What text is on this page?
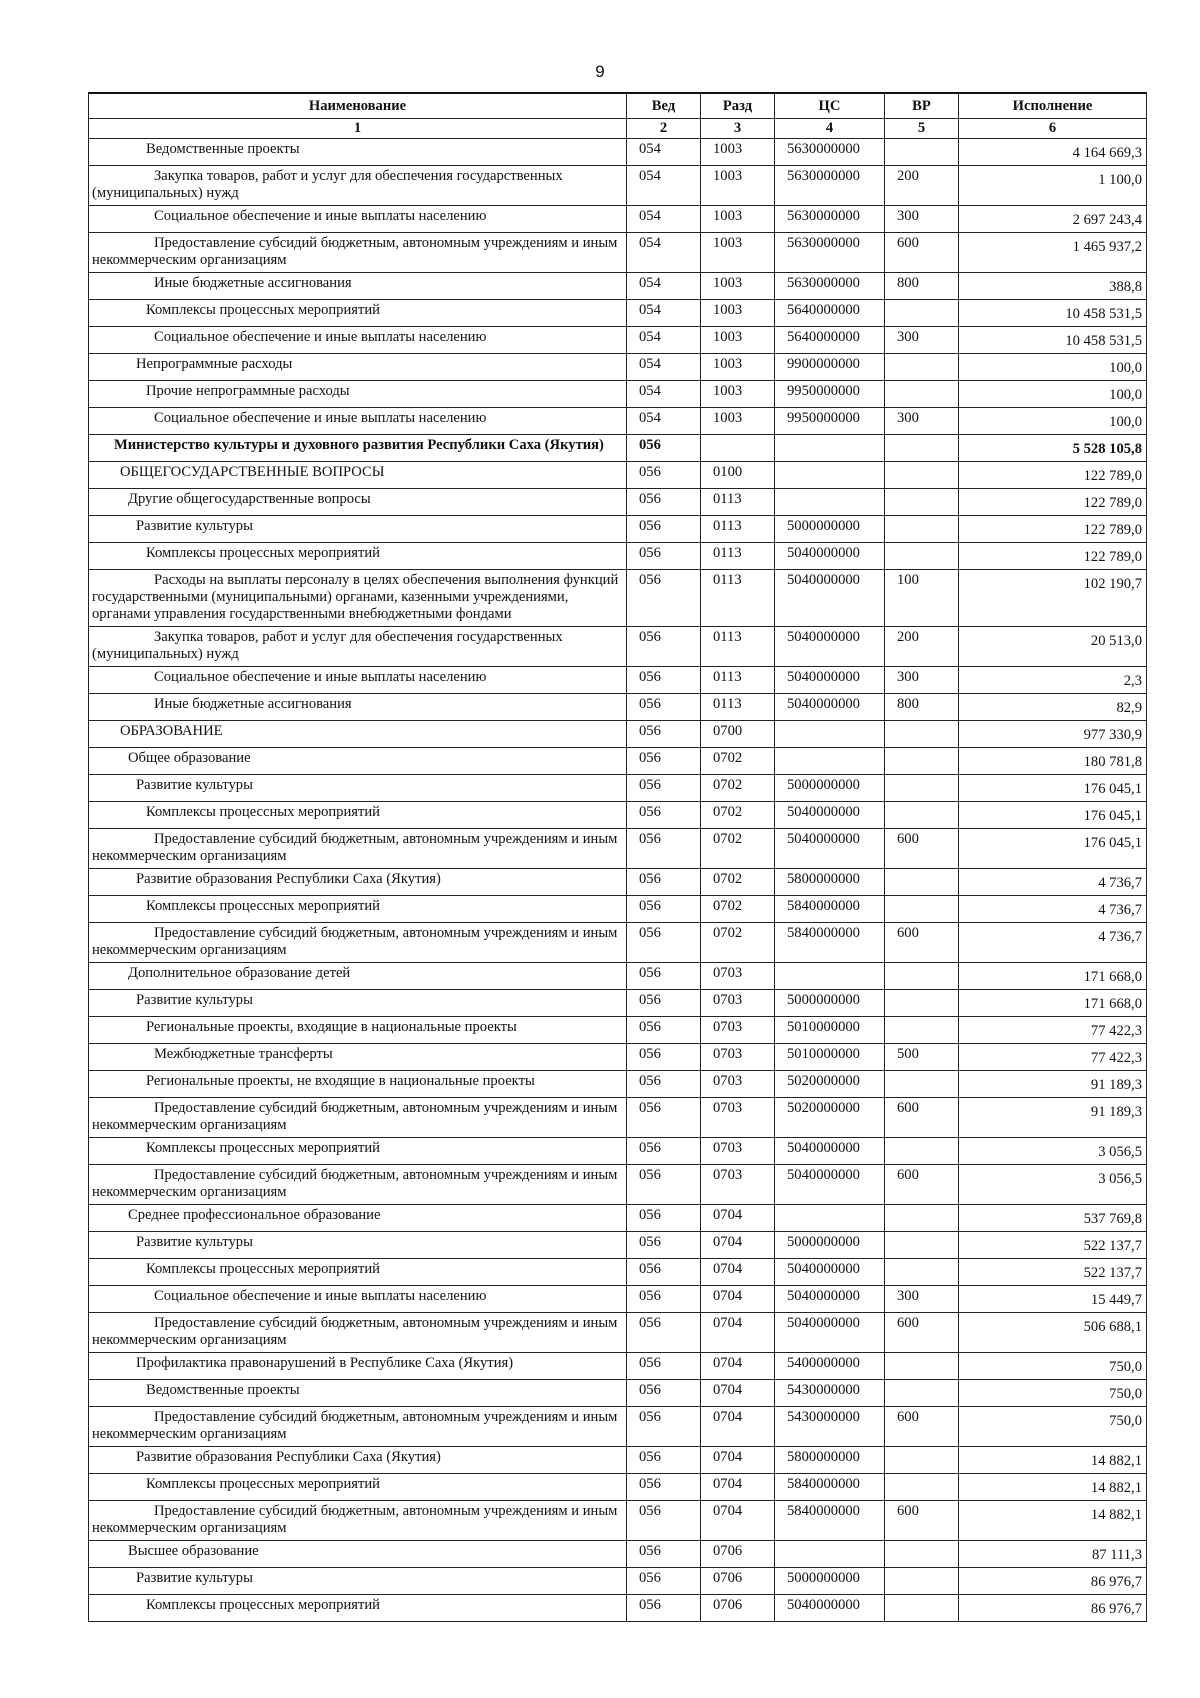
9
Наименование	Вед	Разд	ЦС	ВР	Исполнение
1	2	3	4	5	6
Ведомственные проекты	054	1003	5630000000		4 164 669,3
Закупка товаров, работ и услуг для обеспечения государственных (муниципальных) нужд	054	1003	5630000000	200	1 100,0
Социальное обеспечение и иные выплаты населению	054	1003	5630000000	300	2 697 243,4
Предоставление субсидий бюджетным, автономным учреждениям и иным некоммерческим организациям	054	1003	5630000000	600	1 465 937,2
Иные бюджетные ассигнования	054	1003	5630000000	800	388,8
Комплексы процессных мероприятий	054	1003	5640000000		10 458 531,5
Социальное обеспечение и иные выплаты населению	054	1003	5640000000	300	10 458 531,5
Непрограммные расходы	054	1003	9900000000		100,0
Прочие непрограммные расходы	054	1003	9950000000		100,0
Социальное обеспечение и иные выплаты населению	054	1003	9950000000	300	100,0
Министерство культуры и духовного развития Республики Саха (Якутия)	056				5 528 105,8
ОБЩЕГОСУДАРСТВЕННЫЕ ВОПРОСЫ	056	0100			122 789,0
Другие общегосударственные вопросы	056	0113			122 789,0
Развитие культуры	056	0113	5000000000		122 789,0
Комплексы процессных мероприятий	056	0113	5040000000		122 789,0
Расходы на выплаты персоналу в целях обеспечения выполнения функций государственными (муниципальными) органами, казенными учреждениями, органами управления государственными внебюджетными фондами	056	0113	5040000000	100	102 190,7
Закупка товаров, работ и услуг для обеспечения государственных (муниципальных) нужд	056	0113	5040000000	200	20 513,0
Социальное обеспечение и иные выплаты населению	056	0113	5040000000	300	2,3
Иные бюджетные ассигнования	056	0113	5040000000	800	82,9
ОБРАЗОВАНИЕ	056	0700			977 330,9
Общее образование	056	0702			180 781,8
Развитие культуры	056	0702	5000000000		176 045,1
Комплексы процессных мероприятий	056	0702	5040000000		176 045,1
Предоставление субсидий бюджетным, автономным учреждениям и иным некоммерческим организациям	056	0702	5040000000	600	176 045,1
Развитие образования Республики Саха (Якутия)	056	0702	5800000000		4 736,7
Комплексы процессных мероприятий	056	0702	5840000000		4 736,7
Предоставление субсидий бюджетным, автономным учреждениям и иным некоммерческим организациям	056	0702	5840000000	600	4 736,7
Дополнительное образование детей	056	0703			171 668,0
Развитие культуры	056	0703	5000000000		171 668,0
Региональные проекты, входящие в национальные проекты	056	0703	5010000000		77 422,3
Межбюджетные трансферты	056	0703	5010000000	500	77 422,3
Региональные проекты, не входящие в национальные проекты	056	0703	5020000000		91 189,3
Предоставление субсидий бюджетным, автономным учреждениям и иным некоммерческим организациям	056	0703	5020000000	600	91 189,3
Комплексы процессных мероприятий	056	0703	5040000000		3 056,5
Предоставление субсидий бюджетным, автономным учреждениям и иным некоммерческим организациям	056	0703	5040000000	600	3 056,5
Среднее профессиональное образование	056	0704			537 769,8
Развитие культуры	056	0704	5000000000		522 137,7
Комплексы процессных мероприятий	056	0704	5040000000		522 137,7
Социальное обеспечение и иные выплаты населению	056	0704	5040000000	300	15 449,7
Предоставление субсидий бюджетным, автономным учреждениям и иным некоммерческим организациям	056	0704	5040000000	600	506 688,1
Профилактика правонарушений в Республике Саха (Якутия)	056	0704	5400000000		750,0
Ведомственные проекты	056	0704	5430000000		750,0
Предоставление субсидий бюджетным, автономным учреждениям и иным некоммерческим организациям	056	0704	5430000000	600	750,0
Развитие образования Республики Саха (Якутия)	056	0704	5800000000		14 882,1
Комплексы процессных мероприятий	056	0704	5840000000		14 882,1
Предоставление субсидий бюджетным, автономным учреждениям и иным некоммерческим организациям	056	0704	5840000000	600	14 882,1
Высшее образование	056	0706			87 111,3
Развитие культуры	056	0706	5000000000		86 976,7
Комплексы процессных мероприятий	056	0706	5040000000		86 976,7
